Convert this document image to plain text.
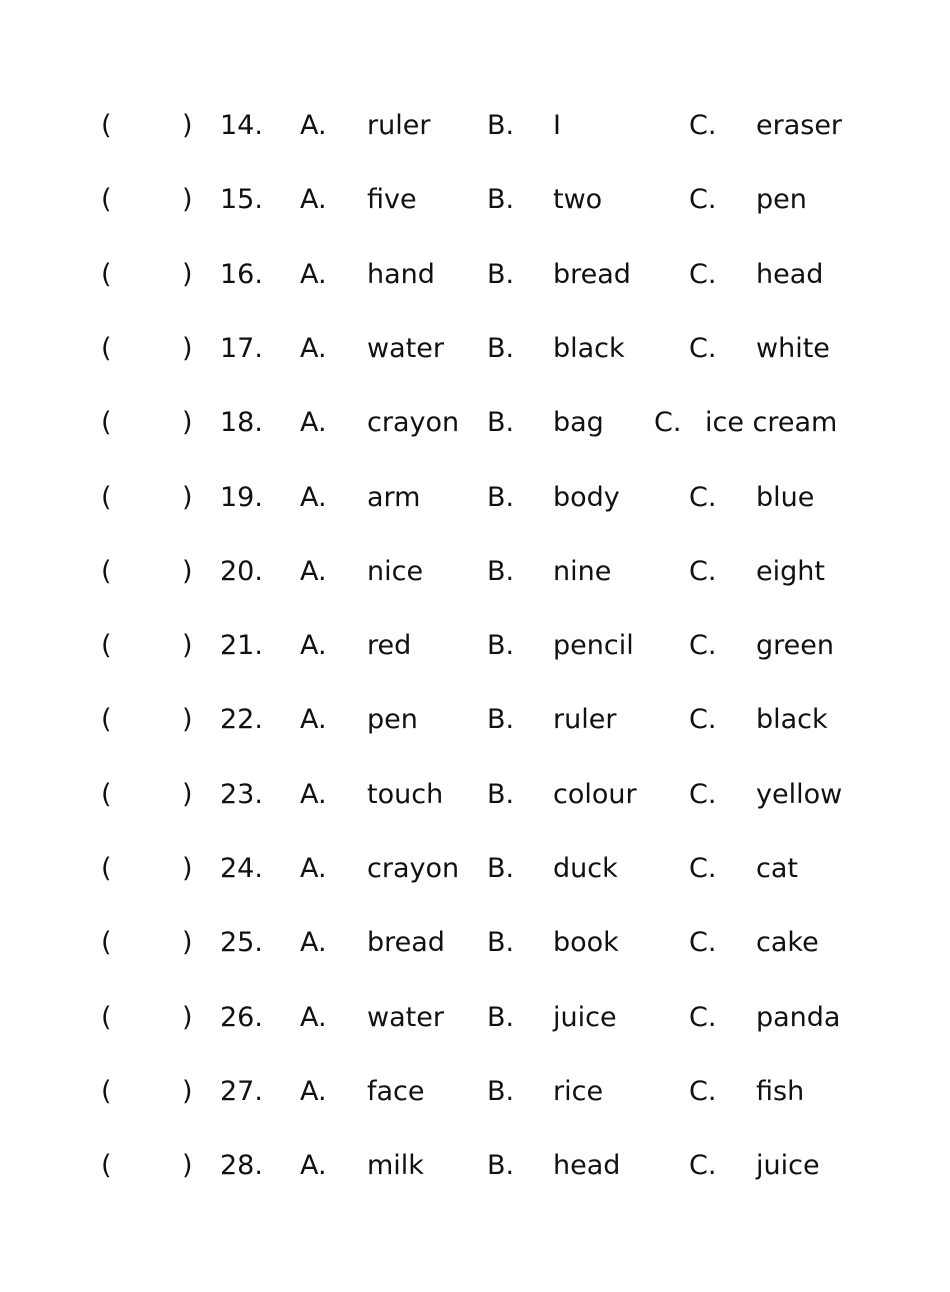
(	) 14. A. ruler B. I	C. eraser
(	) 15. A. five	B. two	C. pen
(	) 16. A. hand B. bread C. head
(	) 17. A. water B. black C. white
(	) 18. A. crayon B. bag C. ice cream
(	) 19. A. arm B. body	C. blue
(	) 20. A. nice B. nine	C. eight
(	) 21. A. red	B. pencil C. green
(	) 22. A. pen	B. ruler	C. black
(	) 23. A. touch B. colour C. yellow
(	) 24. A. crayon B. duck	C. cat
(	) 25. A. bread B. book	C. cake
(	) 26. A. water B. juice	C. panda
(	) 27. A. face B. rice	C. fish
(	) 28. A. milk B. head	C. juice
